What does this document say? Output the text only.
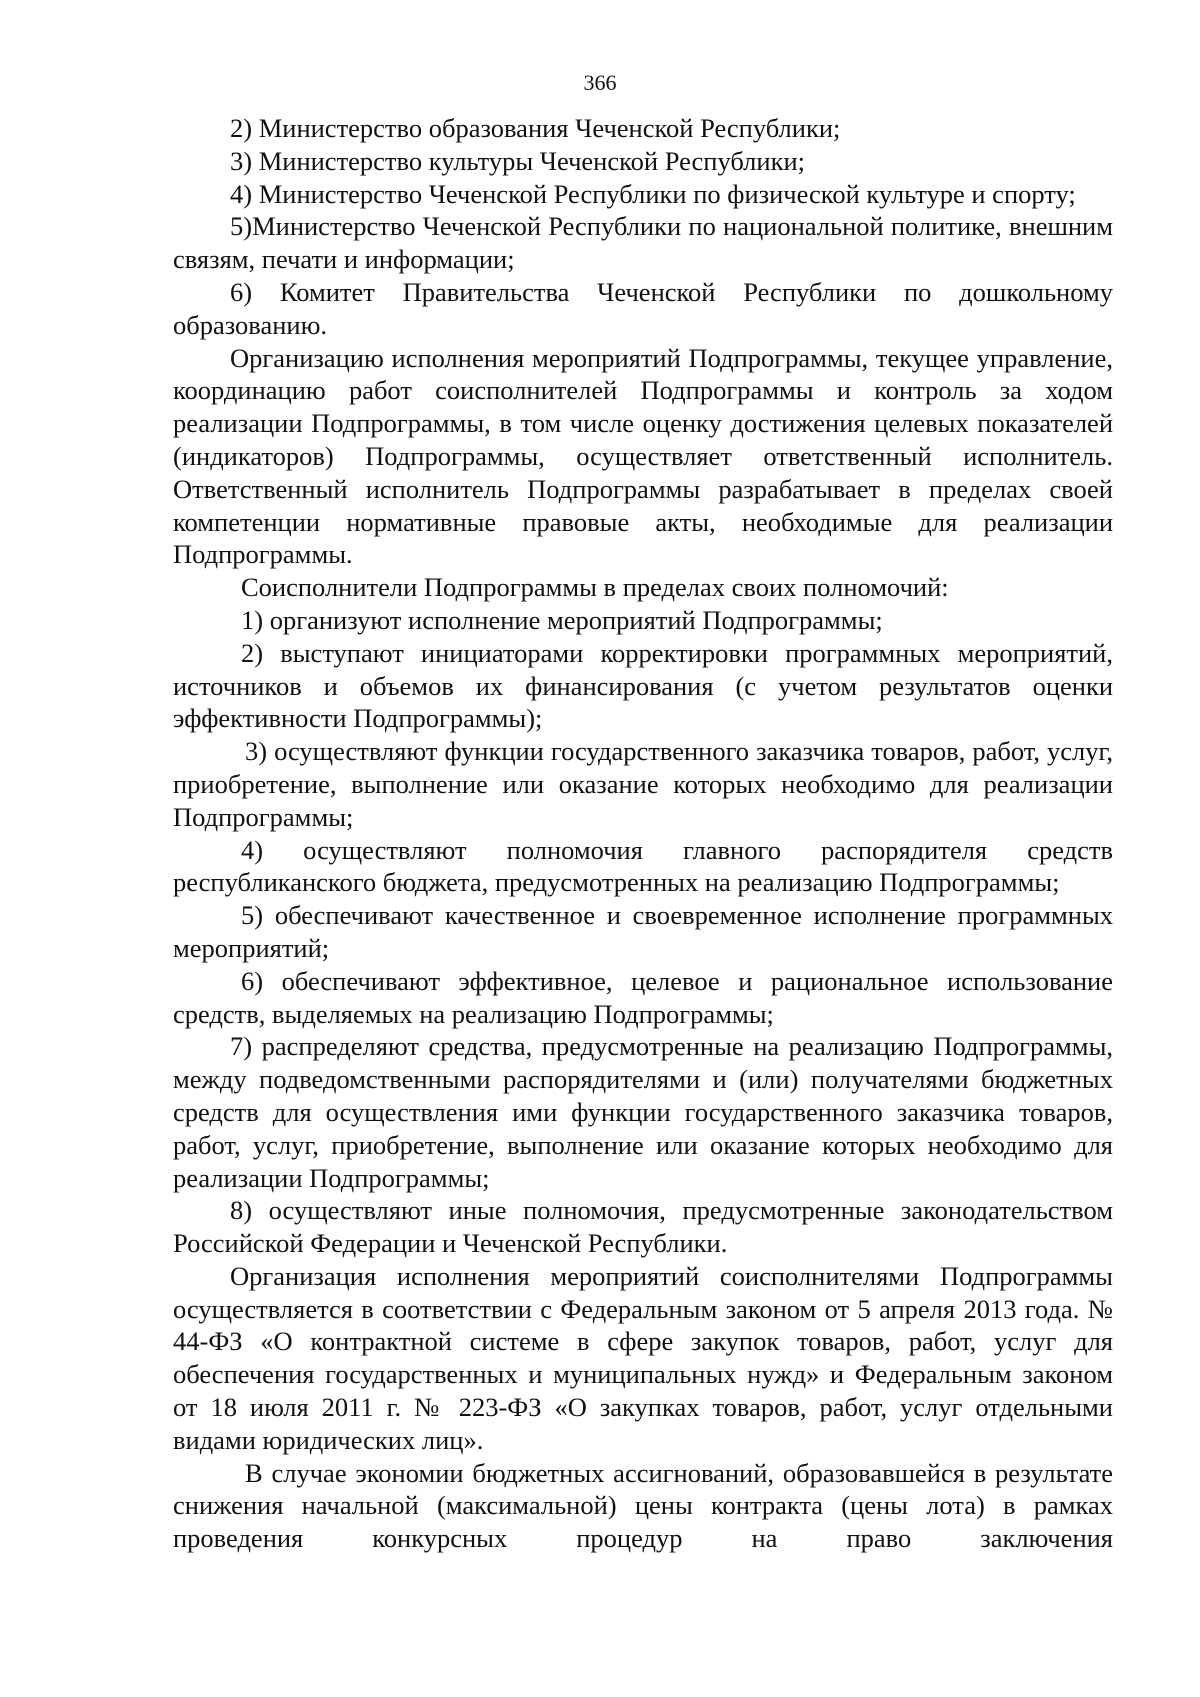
366

2) Министерство образования Чеченской Республики;

3) Министерство культуры Чеченской Республики;

4) Министерство Чеченской Республики по физической культуре и спорту;

5)Министерство Чеченской Республики по национальной политике, внешним связям, печати и информации;

6) Комитет Правительства Чеченской Республики по дошкольному образованию.

Организацию исполнения мероприятий Подпрограммы, текущее управление, координацию работ соисполнителей Подпрограммы и контроль за ходом реализации Подпрограммы, в том числе оценку достижения целевых показателей (индикаторов) Подпрограммы, осуществляет ответственный исполнитель. Ответственный исполнитель Подпрограммы разрабатывает в пределах своей компетенции нормативные правовые акты, необходимые для реализации Подпрограммы.

Соисполнители Подпрограммы в пределах своих полномочий:

1) организуют исполнение мероприятий Подпрограммы;

2) выступают инициаторами корректировки программных мероприятий, источников и объемов их финансирования (с учетом результатов оценки эффективности Подпрограммы);

3) осуществляют функции государственного заказчика товаров, работ, услуг, приобретение, выполнение или оказание которых необходимо для реализации Подпрограммы;

4) осуществляют полномочия главного распорядителя средств республиканского бюджета, предусмотренных на реализацию Подпрограммы;

5) обеспечивают качественное и своевременное исполнение программных мероприятий;

6) обеспечивают эффективное, целевое и рациональное использование средств, выделяемых на реализацию Подпрограммы;

7) распределяют средства, предусмотренные на реализацию Подпрограммы, между подведомственными распорядителями и (или) получателями бюджетных средств для осуществления ими функции государственного заказчика товаров, работ, услуг, приобретение, выполнение или оказание которых необходимо для реализации Подпрограммы;

8) осуществляют иные полномочия, предусмотренные законодательством Российской Федерации и Чеченской Республики.

Организация исполнения мероприятий соисполнителями Подпрограммы осуществляется в соответствии с Федеральным законом от 5 апреля 2013 года. № 44-ФЗ «О контрактной системе в сфере закупок товаров, работ, услуг для обеспечения государственных и муниципальных нужд» и Федеральным законом от 18 июля 2011 г. № 223-ФЗ «О закупках товаров, работ, услуг отдельными видами юридических лиц».

В случае экономии бюджетных ассигнований, образовавшейся в результате снижения начальной (максимальной) цены контракта (цены лота) в рамках проведения конкурсных процедур на право заключения
